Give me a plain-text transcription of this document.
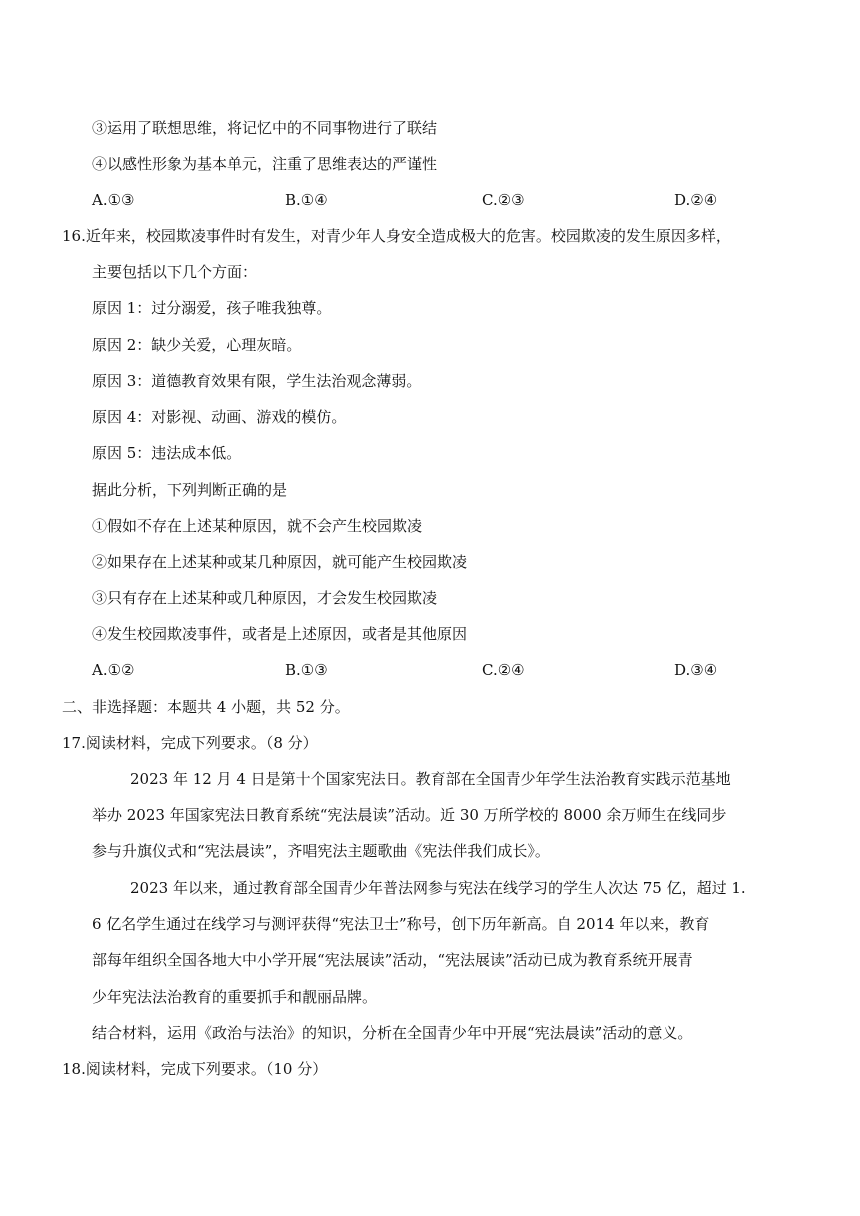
③运用了联想思维，将记忆中的不同事物进行了联结
④以感性形象为基本单元，注重了思维表达的严谨性
A.①③	B.①④	C.②③	D.②④
16.近年来，校园欺凌事件时有发生，对青少年人身安全造成极大的危害。校园欺凌的发生原因多样，
主要包括以下几个方面：
原因 1：过分溺爱，孩子唯我独尊。
原因 2：缺少关爱，心理灰暗。
原因 3：道德教育效果有限，学生法治观念薄弱。
原因 4：对影视、动画、游戏的模仿。
原因 5：违法成本低。
据此分析，下列判断正确的是
①假如不存在上述某种原因，就不会产生校园欺凌
②如果存在上述某种或某几种原因，就可能产生校园欺凌
③只有存在上述某种或几种原因，才会发生校园欺凌
④发生校园欺凌事件，或者是上述原因，或者是其他原因
A.①②	B.①③	C.②④	D.③④
二、非选择题：本题共 4 小题，共 52 分。
17.阅读材料，完成下列要求。（8 分）
2023 年 12 月 4 日是第十个国家宪法日。教育部在全国青少年学生法治教育实践示范基地
举办 2023 年国家宪法日教育系统“宪法晨读”活动。近 30 万所学校的 8000 余万师生在线同步
参与升旗仪式和“宪法晨读”，齐唱宪法主题歌曲《宪法伴我们成长》。
2023 年以来，通过教育部全国青少年普法网参与宪法在线学习的学生人次达 75 亿，超过 1.
6 亿名学生通过在线学习与测评获得“宪法卫士”称号，创下历年新高。自 2014 年以来，教育
部每年组织全国各地大中小学开展“宪法展读”活动，“宪法展读”活动已成为教育系统开展青
少年宪法法治教育的重要抓手和靓丽品牌。
结合材料，运用《政治与法治》的知识，分析在全国青少年中开展“宪法晨读”活动的意义。
18.阅读材料，完成下列要求。（10 分）
